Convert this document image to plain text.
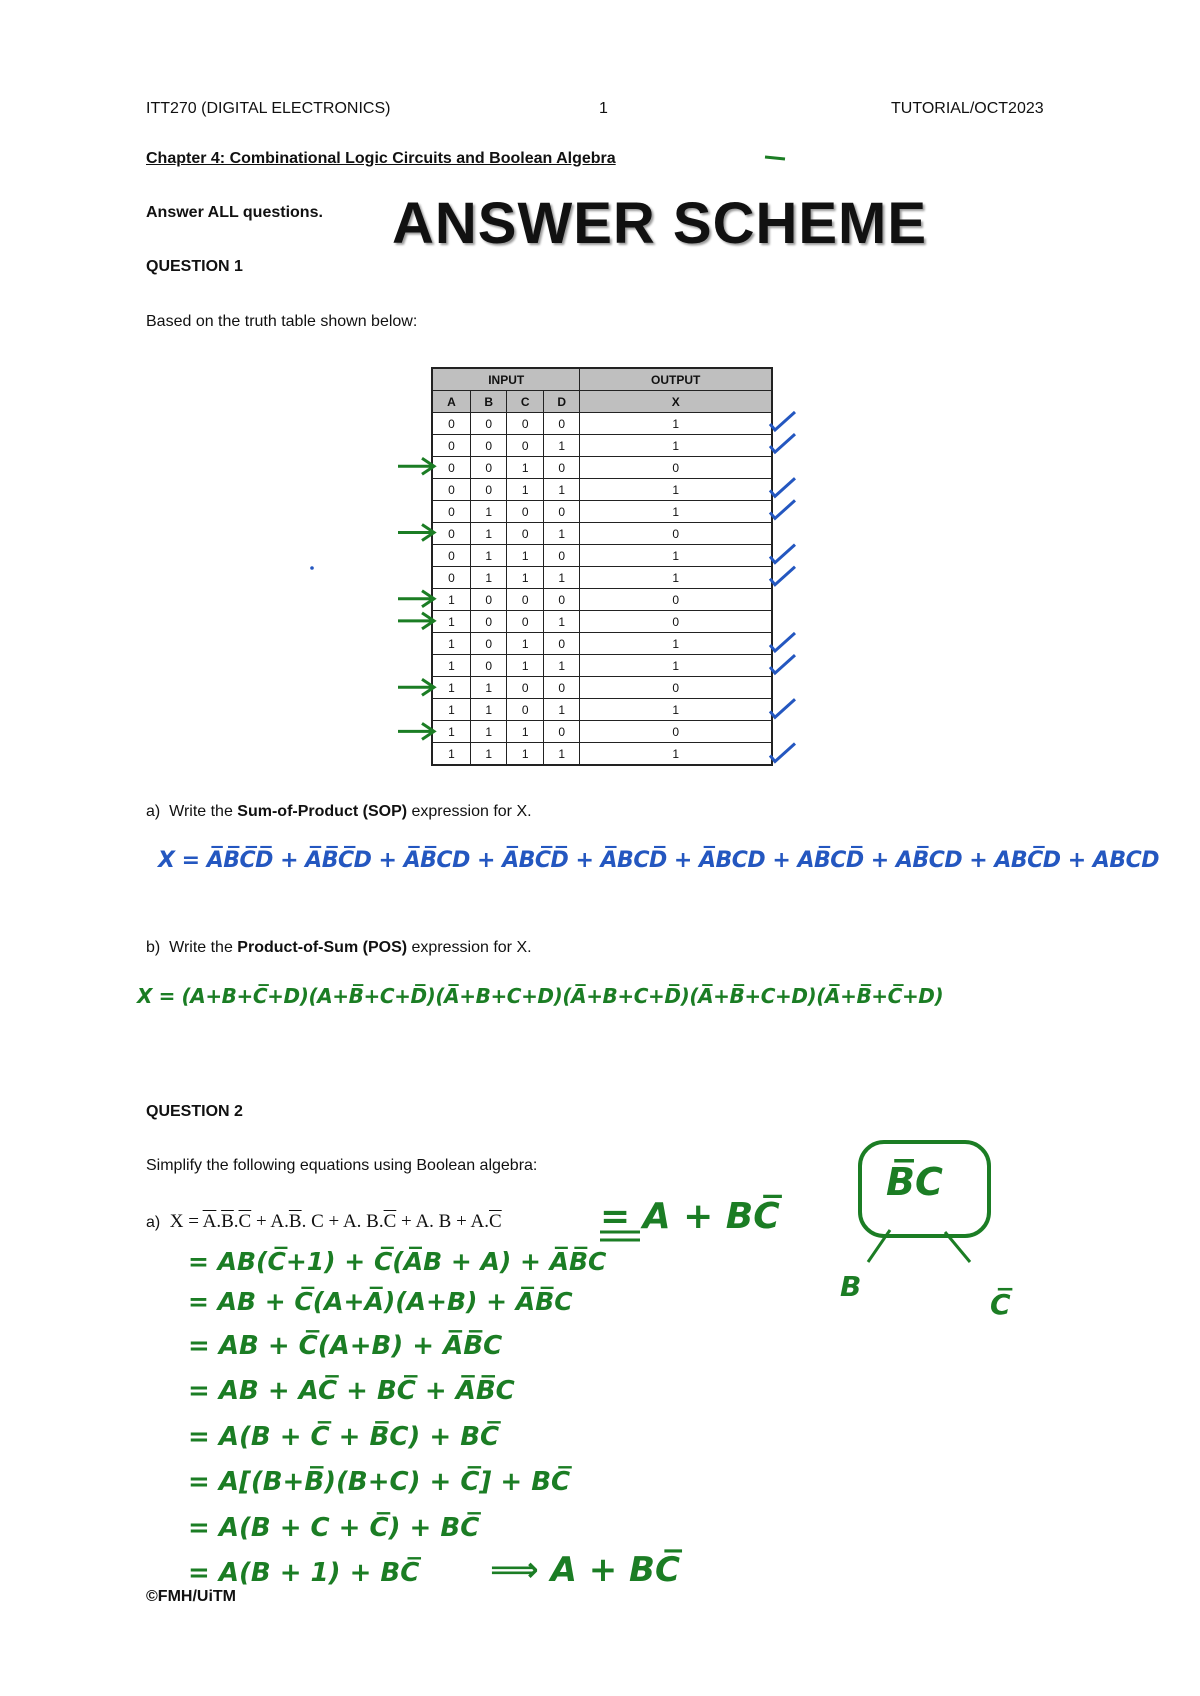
ITT270 (DIGITAL ELECTRONICS)	1	TUTORIAL/OCT2023
Chapter 4: Combinational Logic Circuits and Boolean Algebra
Answer ALL questions. ANSWER SCHEME
QUESTION 1
Based on the truth table shown below:
INPUT				OUTPUT
A	B	C	D	X
0	0	0	0	1
0	0	0	1	1
0	0	1	0	0
0	0	1	1	1
0	1	0	0	1
0	1	0	1	0
0	1	1	0	1
0	1	1	1	1
1	0	0	0	0
1	0	0	1	0
1	0	1	0	1
1	0	1	1	1
1	1	0	0	0
1	1	0	1	1
1	1	1	0	0
1	1	1	1	1
a) Write the Sum-of-Product (SOP) expression for X.
X = A̅B̅C̅D̅ + A̅B̅C̅D + A̅B̅CD + A̅BC̅D̅ + A̅BCD̅ + A̅BCD + AB̅CD̅ + AB̅CD + ABC̅D + ABCD
b) Write the Product-of-Sum (POS) expression for X.
X = (A+B+C̅+D)(A+B̅+C+D̅)(A̅+B+C+D)(A̅+B+C+D̅)(A̅+B̅+C+D)(A̅+B̅+C̅+D)
QUESTION 2
Simplify the following equations using Boolean algebra:
a) $X = \overline{A}.\overline{B}.\overline{C} + A.\overline{B}$. C + A. $B.\overline{C} + A$. $B + A.\overline{C}$	= A + BC̅
= AB(C̅+1) + C̅(A̅B + A) + A̅B̅C
= AB + C̅(A+A̅)(A+B) + A̅B̅C
= AB + C̅(A+B) + A̅B̅C
= AB + AC̅ + BC̅ + A̅B̅C
= A(B + C̅ + B̅C) + BC̅
= A[(B+B̅)(B+C) + C̅] + BC̅
= A(B + C + C̅) + BC̅
= A(B + 1) + BC̅ ⟹ A + BC̅
B̅C
B
C̅
©FMH/UiTM
